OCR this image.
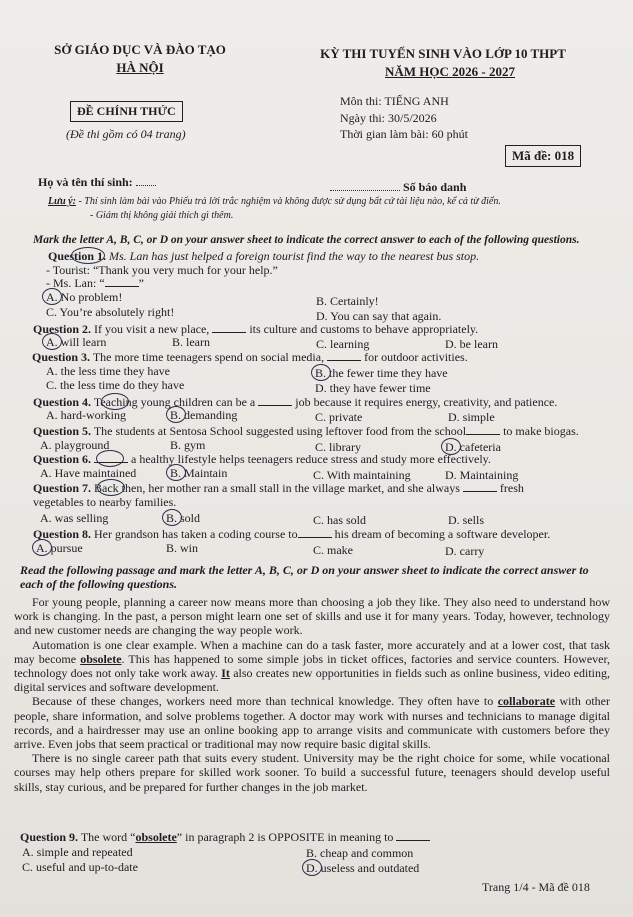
SỞ GIÁO DỤC VÀ ĐÀO TẠO
HÀ NỘI
KỲ THI TUYỂN SINH VÀO LỚP 10 THPT
NĂM HỌC 2026 - 2027
ĐỀ CHÍNH THỨC
(Đề thi gồm có 04 trang)
Môn thi: TIẾNG ANH
Ngày thi: 30/5/2026
Thời gian làm bài: 60 phút
Mã đề: 018
Họ và tên thí sinh:	Số báo danh
Lưu ý: - Thí sinh làm bài vào Phiếu trả lời trắc nghiệm và không được sử dụng bất cứ tài liệu nào, kể cả từ điển.
- Giám thị không giải thích gì thêm.
Mark the letter A, B, C, or D on your answer sheet to indicate the correct answer to each of the following questions.
Question 1. Ms. Lan has just helped a foreign tourist find the way to the nearest bus stop.
- Tourist: “Thank you very much for your help.”
- Ms. Lan: “	”
A. No problem!	B. Certainly!
C. You’re absolutely right!	D. You can say that again.
Question 2. If you visit a new place,	its culture and customs to behave appropriately.
A. will learn	B. learn	C. learning	D. be learn
Question 3. The more time teenagers spend on social media,	for outdoor activities.
A. the less time they have	B. the fewer time they have
C. the less time do they have	D. they have fewer time
Question 4. Teaching young children can be a	job because it requires energy, creativity, and patience.
A. hard-working	B. demanding	C. private	D. simple
Question 5. The students at Sentosa School suggested using leftover food from the school	to make biogas.
A. playground	B. gym	C. library	D. cafeteria
Question 6.	a healthy lifestyle helps teenagers reduce stress and study more effectively.
A. Have maintained	B. Maintain	C. With maintaining	D. Maintaining
Question 7. Back then, her mother ran a small stall in the village market, and she always	fresh
vegetables to nearby families.
A. was selling	B. sold	C. has sold	D. sells
Question 8. Her grandson has taken a coding course to	his dream of becoming a software developer.
A. pursue	B. win	C. make	D. carry
Read the following passage and mark the letter A, B, C, or D on your answer sheet to indicate the correct answer to each of the following questions.

For young people, planning a career now means more than choosing a job they like. They also need to understand how work is changing. In the past, a person might learn one set of skills and use it for many years. Today, however, technology and new customer needs are changing the way people work.

Automation is one clear example. When a machine can do a task faster, more accurately and at a lower cost, that task may become obsolete. This has happened to some simple jobs in ticket offices, factories and service counters. However, technology does not only take work away. It also creates new opportunities in fields such as online business, video editing, digital services and software development.

Because of these changes, workers need more than technical knowledge. They often have to collaborate with other people, share information, and solve problems together. A doctor may work with nurses and technicians to manage digital records, and a hairdresser may use an online booking app to arrange visits and communicate with customers before they arrive. Even jobs that seem practical or traditional may now require basic digital skills.

There is no single career path that suits every student. University may be the right choice for some, while vocational courses may help others prepare for skilled work sooner. To build a successful future, teenagers should develop useful skills, stay curious, and be prepared for further changes in the job market.

Question 9. The word “obsolete” in paragraph 2 is OPPOSITE in meaning to
A. simple and repeated	B. cheap and common
C. useful and up-to-date	D. useless and outdated
Trang 1/4 - Mã đề 018
